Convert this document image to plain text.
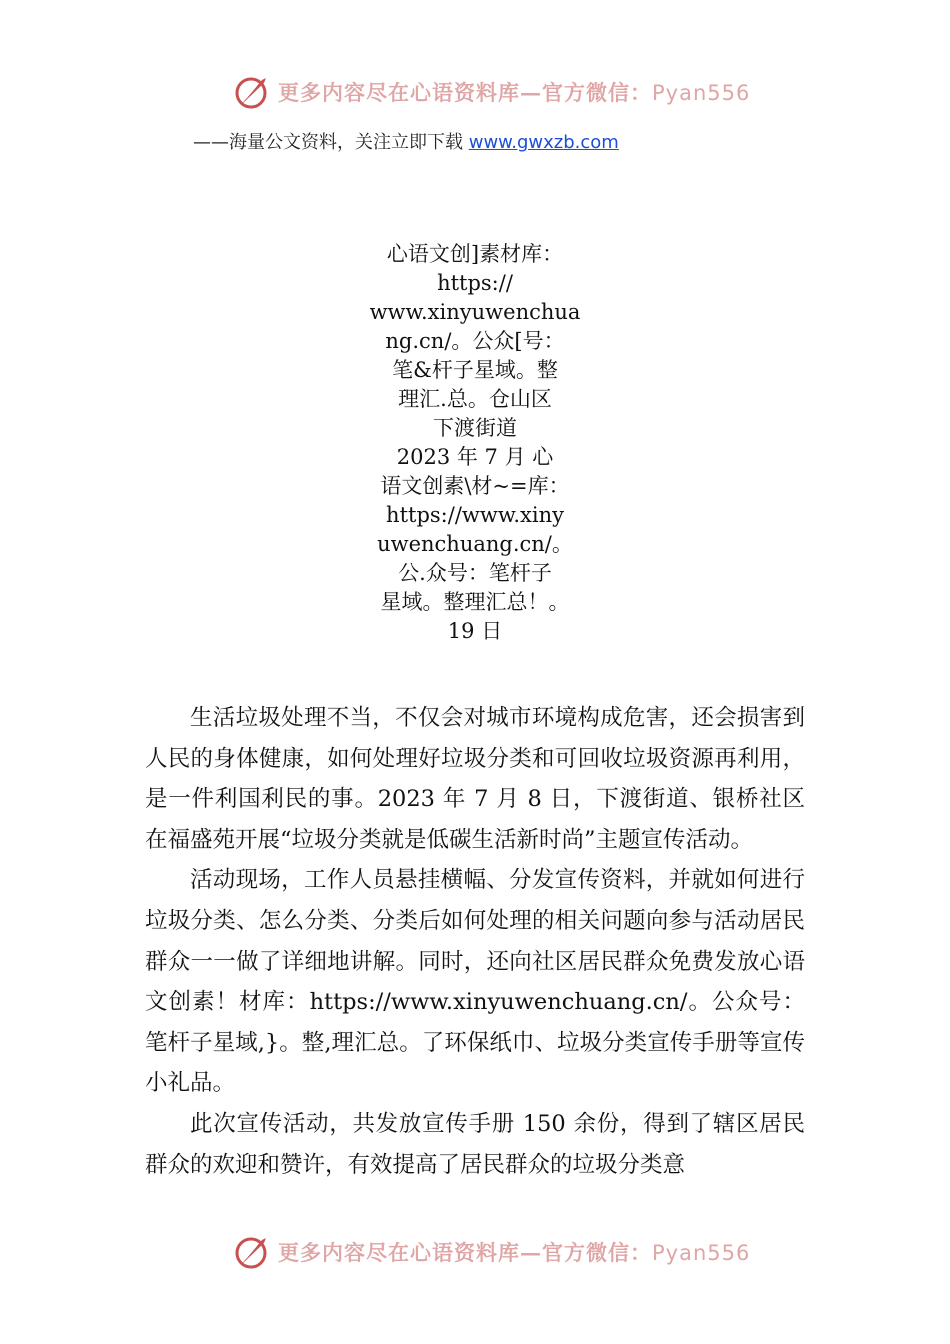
更多内容尽在心语资料库—官方微信：Pyan556
——海量公文资料，关注立即下载 www.gwxzb.com
心语文创]素材库：
https://
www.xinyuwenchua
ng.cn/。公众[号：
笔&杆子星域。整
理汇.总。仓山区
下渡街道
2023 年 7 月 心
语文创素\材~=库：
https://www.xiny
uwenchuang.cn/。
公.众号：笔杆子
星域。整理汇总！。
19 日

生活垃圾处理不当，不仅会对城市环境构成危害，还会损害到人民的身体健康，如何处理好垃圾分类和可回收垃圾资源再利用，是一件利国利民的事。2023 年 7 月 8 日，下渡街道、银桥社区在福盛苑开展“垃圾分类就是低碳生活新时尚”主题宣传活动。

活动现场，工作人员悬挂横幅、分发宣传资料，并就如何进行垃圾分类、怎么分类、分类后如何处理的相关问题向参与活动居民群众一一做了详细地讲解。同时，还向社区居民群众免费发放心语文创素！材库：https://www.xinyuwenchuang.cn/。公众号：笔杆子星域,}。整,理汇总。了环保纸巾、垃圾分类宣传手册等宣传小礼品。

此次宣传活动，共发放宣传手册 150 余份，得到了辖区居民群众的欢迎和赞许，有效提高了居民群众的垃圾分类意

更多内容尽在心语资料库—官方微信：Pyan556
